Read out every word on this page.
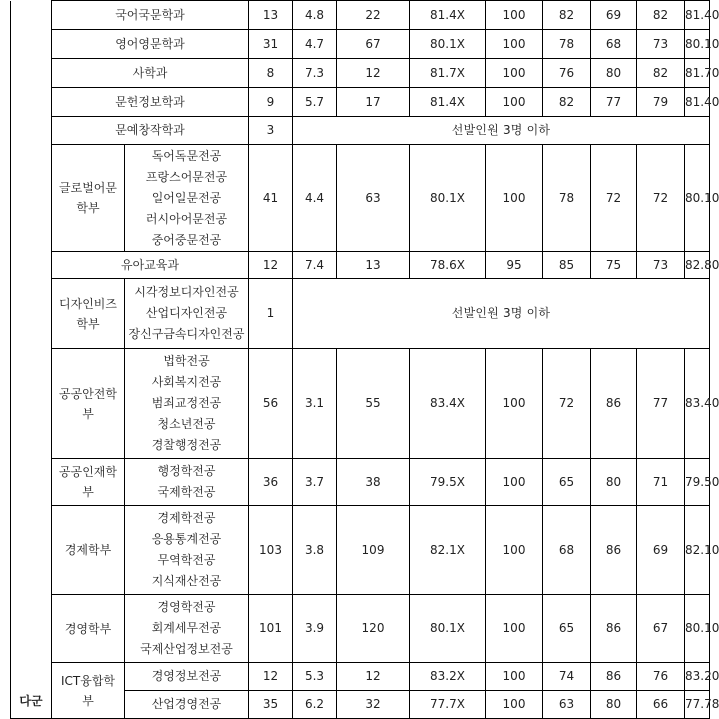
다군	국어국문학과		13	4.8	22	81.4X	100	82	69	82	81.40
	영어영문학과		31	4.7	67	80.1X	100	78	68	73	80.10
	사학과		8	7.3	12	81.7X	100	76	80	82	81.70
	문헌정보학과		9	5.7	17	81.4X	100	82	77	79	81.40
	문예창작학과		3	선발인원 3명 이하							
	글로벌어문학부	독어독문전공
프랑스어문전공
일어일문전공
러시아어문전공
중어중문전공	41	4.4	63	80.1X	100	78	72	72	80.10
	유아교육과		12	7.4	13	78.6X	95	85	75	73	82.80
	디자인비즈학부	시각정보디자인전공
산업디자인전공
장신구금속디자인전공	1	선발인원 3명 이하							
	공공안전학부	법학전공
사회복지전공
범죄교정전공
청소년전공
경찰행정전공	56	3.1	55	83.4X	100	72	86	77	83.40
	공공인재학부	행정학전공
국제학전공	36	3.7	38	79.5X	100	65	80	71	79.50
	경제학부	경제학전공
응용통계전공
무역학전공
지식재산전공	103	3.8	109	82.1X	100	68	86	69	82.10
	경영학부	경영학전공
회계세무전공
국제산업정보전공	101	3.9	120	80.1X	100	65	86	67	80.10
	ICT융합학부	경영정보전공	12	5.3	12	83.2X	100	74	86	76	83.20
		산업경영전공	35	6.2	32	77.7X	100	63	80	66	77.78
